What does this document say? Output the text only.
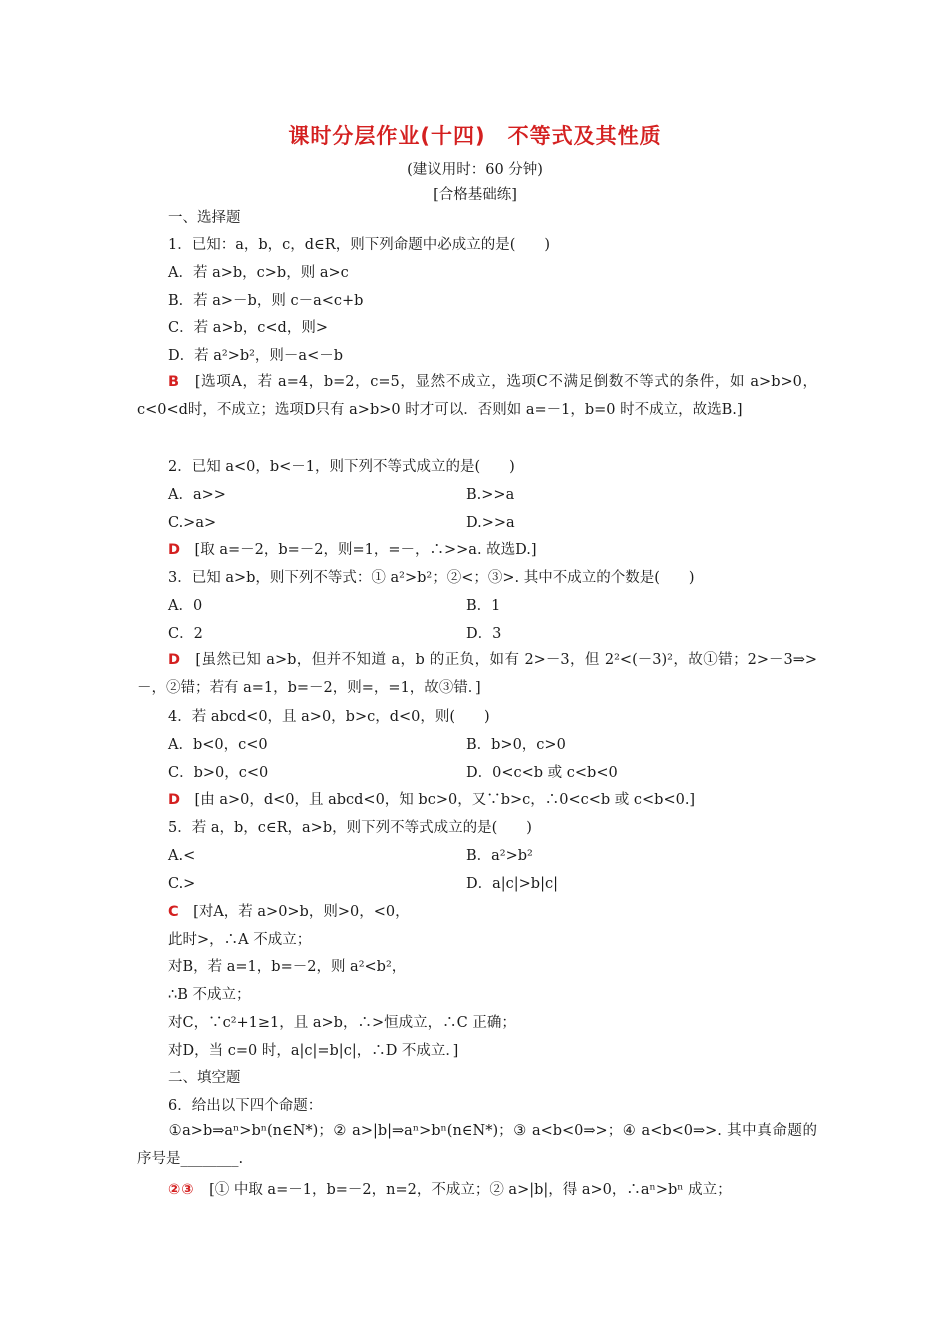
课时分层作业(十四)　不等式及其性质
(建议用时：60 分钟)
[合格基础练]
一、选择题
1．已知：a，b，c，d∈R，则下列命题中必成立的是(　　)
A．若 a>b，c>b，则 a>c
B．若 a>－b，则 c－a<c+b
C．若 a>b，c<d，则>
D．若 a²>b²，则－a<－b
B　 [选项A，若 a=4，b=2，c=5，显然不成立，选项C不满足倒数不等式的条件，如 a>b>0，c<0<d时，不成立；选项D只有 a>b>0 时才可以．否则如 a=－1，b=0 时不成立，故选B.]
2．已知 a<0，b<－1，则下列不等式成立的是(　　)
A．a>>	B.>>a
C.>a>	D.>>a
D　 [取 a=－2，b=－2，则=1，=－，∴>>a. 故选D.]
3．已知 a>b，则下列不等式：① a²>b²；②<；③>. 其中不成立的个数是(　　)
A．0	B．1
C．2	D．3
D　 [虽然已知 a>b，但并不知道 a，b 的正负，如有 2>－3，但 2²<(－3)²，故①错；2>－3⇒>－，②错；若有 a=1，b=－2，则=，=1，故③错．]
4．若 abcd<0，且 a>0，b>c，d<0，则(　　)
A．b<0，c<0	B．b>0，c>0
C．b>0，c<0	D．0<c<b 或 c<b<0
D　 [由 a>0，d<0，且 abcd<0，知 bc>0，又∵b>c，∴0<c<b 或 c<b<0.]
5．若 a，b，c∈R，a>b，则下列不等式成立的是(　　)
A.<	B．a²>b²
C.>	D．a|c|>b|c|
C　 [对A，若 a>0>b，则>0，<0，
此时>，∴A 不成立；
对B，若 a=1，b=－2，则 a²<b²，
∴B 不成立；
对C，∵c²+1≥1，且 a>b，∴>恒成立，∴C 正确；
对D，当 c=0 时，a|c|=b|c|，∴D 不成立．]
二、填空题
6．给出以下四个命题：
①a>b⇒aⁿ>bⁿ(n∈N*)；② a>|b|⇒aⁿ>bⁿ(n∈N*)；③ a<b<0⇒>；④ a<b<0⇒>. 其中真命题的序号是________.
②③　 [① 中取 a=－1，b=－2，n=2，不成立；② a>|b|，得 a>0，∴aⁿ>bⁿ 成立；
